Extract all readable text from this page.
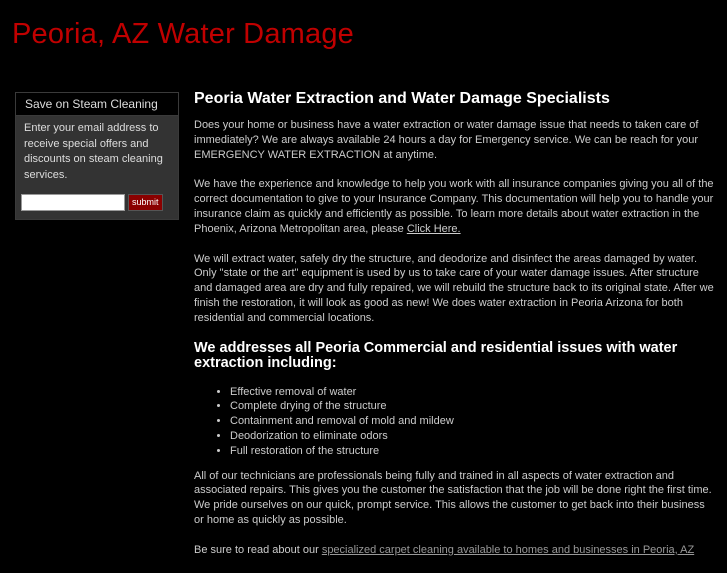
Peoria, AZ Water Damage
Save on Steam Cleaning
Enter your email address to receive special offers and discounts on steam cleaning services.
submit
Peoria Water Extraction and Water Damage Specialists

Does your home or business have a water extraction or water damage issue that needs to taken care of immediately? We are always available 24 hours a day for Emergency service. We can be reach for your EMERGENCY WATER EXTRACTION at anytime.

We have the experience and knowledge to help you work with all insurance companies giving you all of the correct documentation to give to your Insurance Company. This documentation will help you to handle your insurance claim as quickly and efficiently as possible. To learn more details about water extraction in the Phoenix, Arizona Metropolitan area, please Click Here.

We will extract water, safely dry the structure, and deodorize and disinfect the areas damaged by water. Only "state or the art" equipment is used by us to take care of your water damage issues. After structure and damaged area are dry and fully repaired, we will rebuild the structure back to its original state. After we finish the restoration, it will look as good as new! We does water extraction in Peoria Arizona for both residential and commercial locations.

We addresses all Peoria Commercial and residential issues with water extraction including:
• Effective removal of water
• Complete drying of the structure
• Containment and removal of mold and mildew
• Deodorization to eliminate odors
• Full restoration of the structure

All of our technicians are professionals being fully and trained in all aspects of water extraction and associated repairs. This gives you the customer the satisfaction that the job will be done right the first time. We pride ourselves on our quick, prompt service. This allows the customer to get back into their business or home as quickly as possible.

Be sure to read about our specialized carpet cleaning available to homes and businesses in Peoria, AZ
